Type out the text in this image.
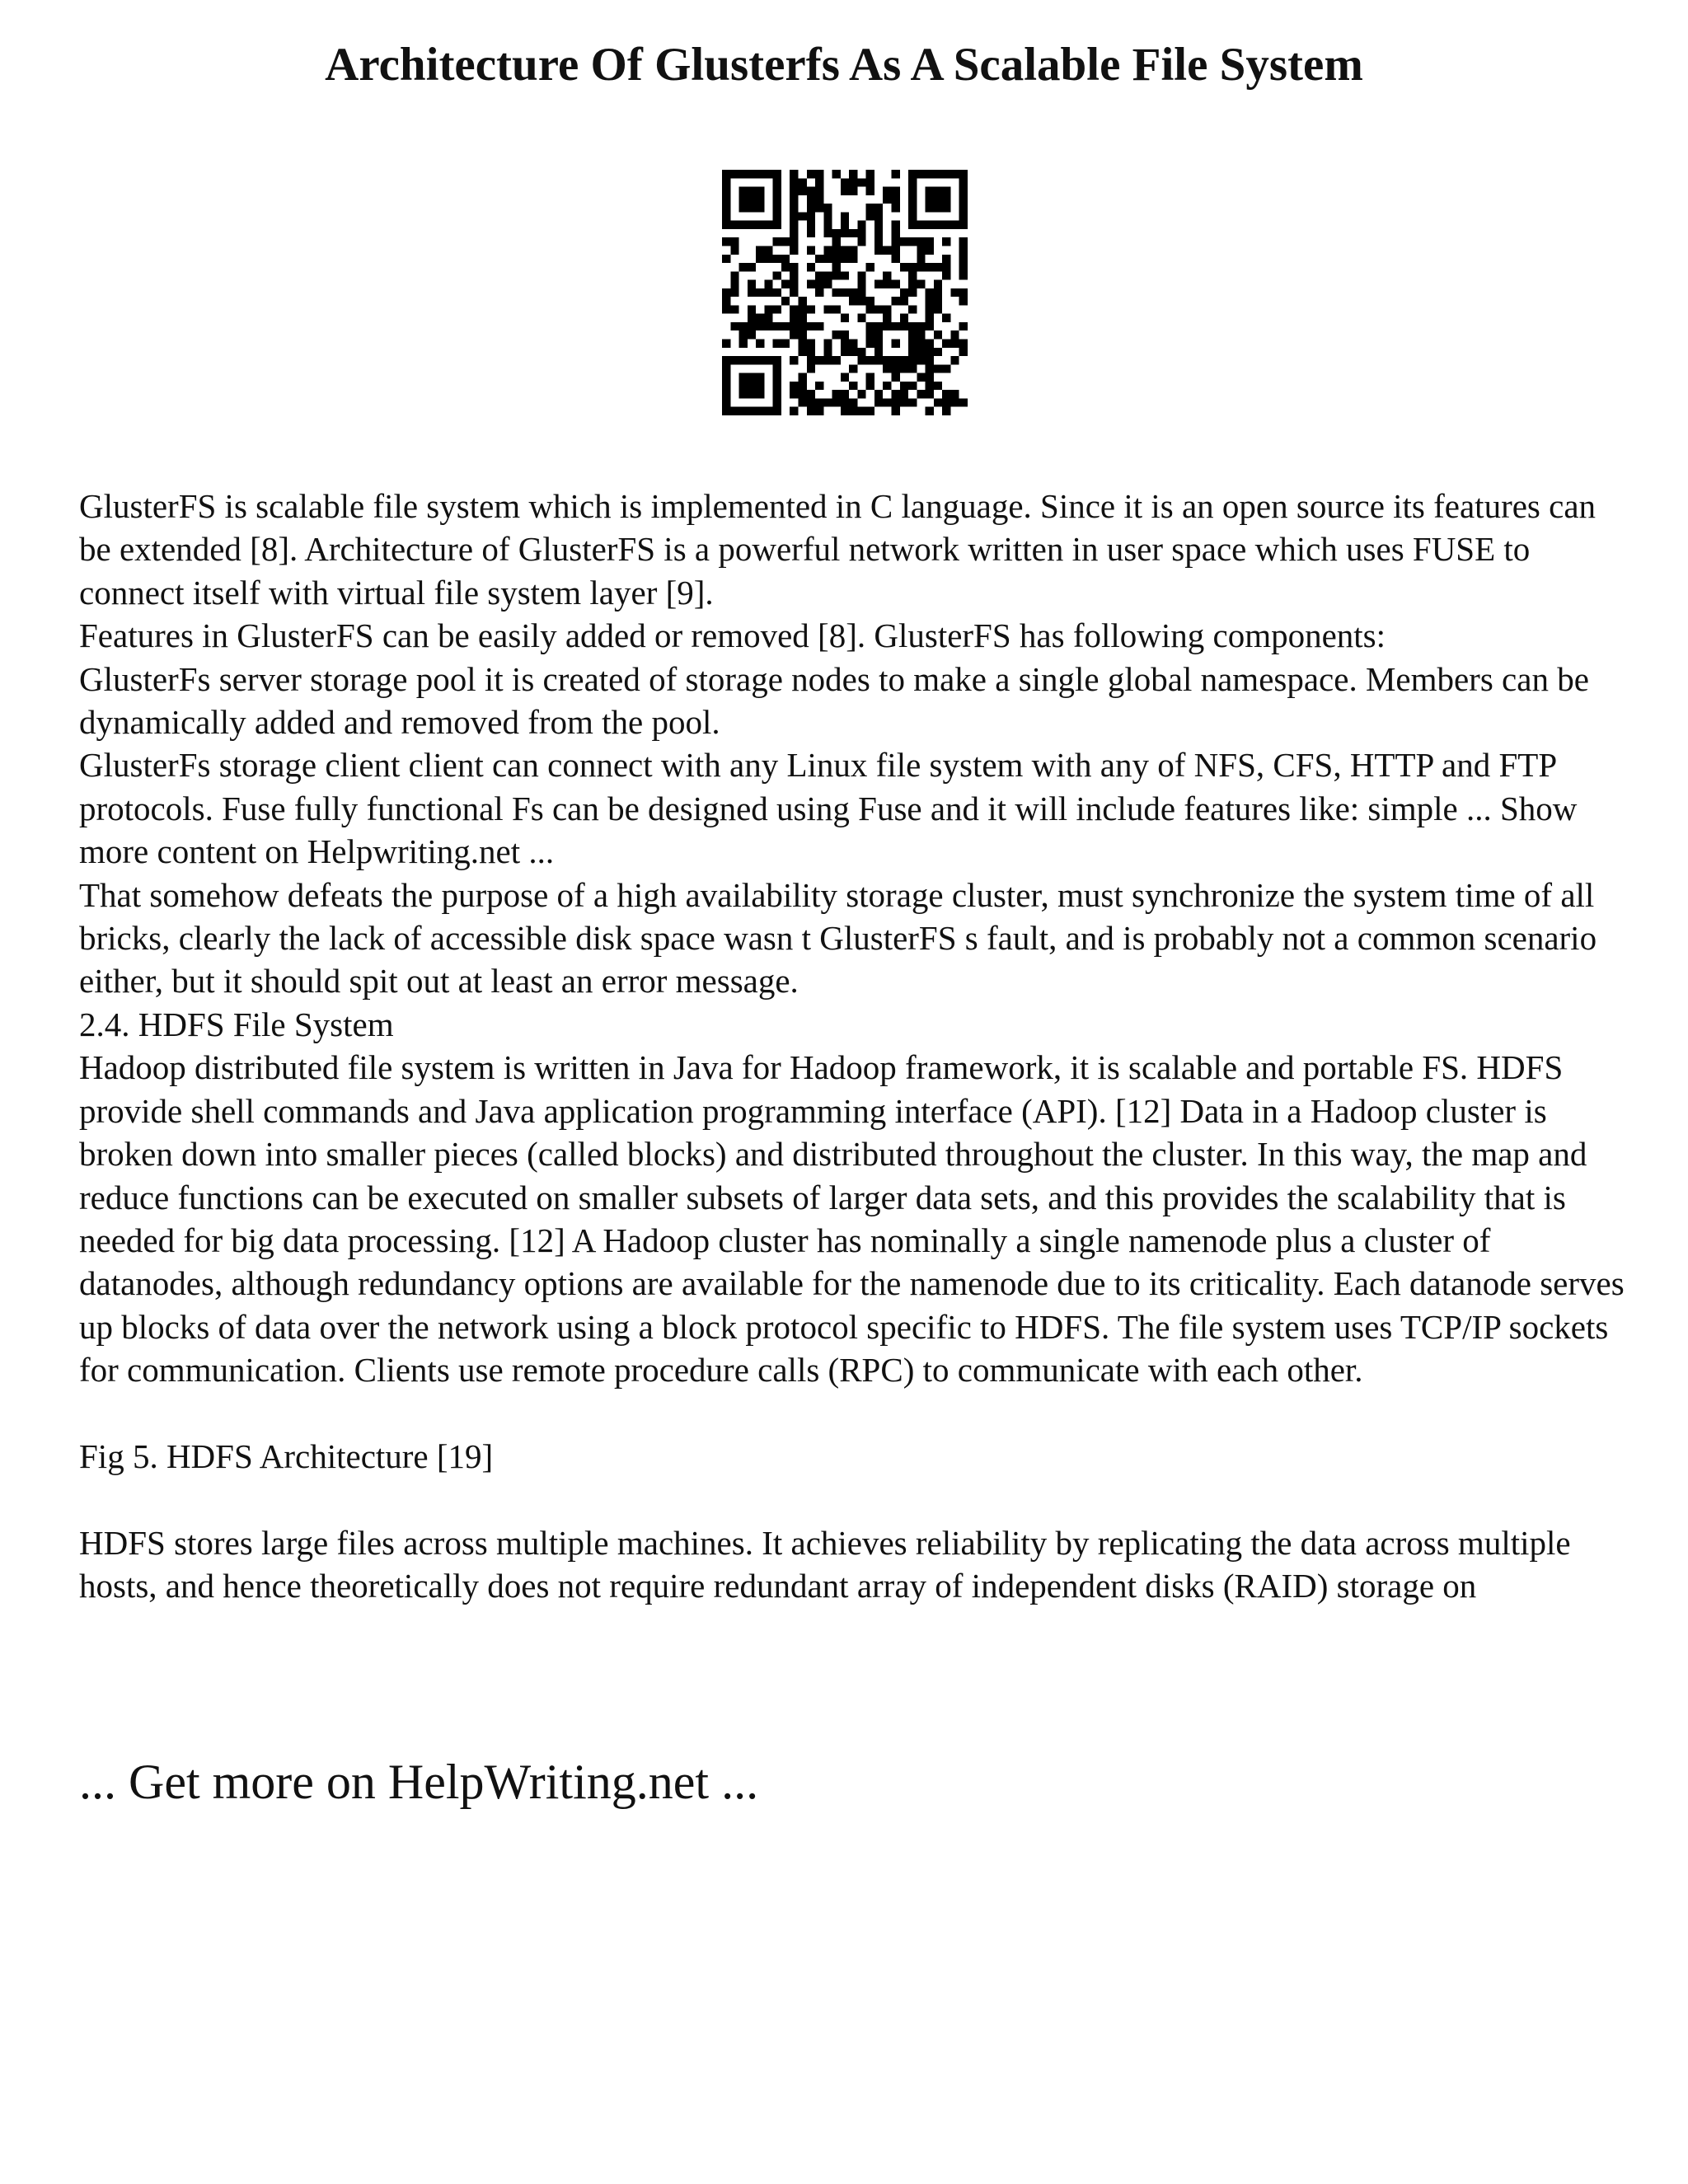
Architecture Of Glusterfs As A Scalable File System

GlusterFS is scalable file system which is implemented in C language. Since it is an open source its features can be extended [8]. Architecture of GlusterFS is a powerful network written in user space which uses FUSE to connect itself with virtual file system layer [9].

Features in GlusterFS can be easily added or removed [8]. GlusterFS has following components:

GlusterFs server storage pool it is created of storage nodes to make a single global namespace. Members can be dynamically added and removed from the pool.

GlusterFs storage client client can connect with any Linux file system with any of NFS, CFS, HTTP and FTP protocols. Fuse fully functional Fs can be designed using Fuse and it will include features like: simple ... Show more content on Helpwriting.net ...

That somehow defeats the purpose of a high availability storage cluster, must synchronize the system time of all bricks, clearly the lack of accessible disk space wasn t GlusterFS s fault, and is probably not a common scenario either, but it should spit out at least an error message.

2.4. HDFS File System

Hadoop distributed file system is written in Java for Hadoop framework, it is scalable and portable FS. HDFS provide shell commands and Java application programming interface (API). [12] Data in a Hadoop cluster is broken down into smaller pieces (called blocks) and distributed throughout the cluster. In this way, the map and reduce functions can be executed on smaller subsets of larger data sets, and this provides the scalability that is needed for big data processing. [12] A Hadoop cluster has nominally a single namenode plus a cluster of datanodes, although redundancy options are available for the namenode due to its criticality. Each datanode serves up blocks of data over the network using a block protocol specific to HDFS. The file system uses TCP/IP sockets for communication. Clients use remote procedure calls (RPC) to communicate with each other.

Fig 5. HDFS Architecture [19]

HDFS stores large files across multiple machines. It achieves reliability by replicating the data across multiple hosts, and hence theoretically does not require redundant array of independent disks (RAID) storage on

... Get more on HelpWriting.net ...
